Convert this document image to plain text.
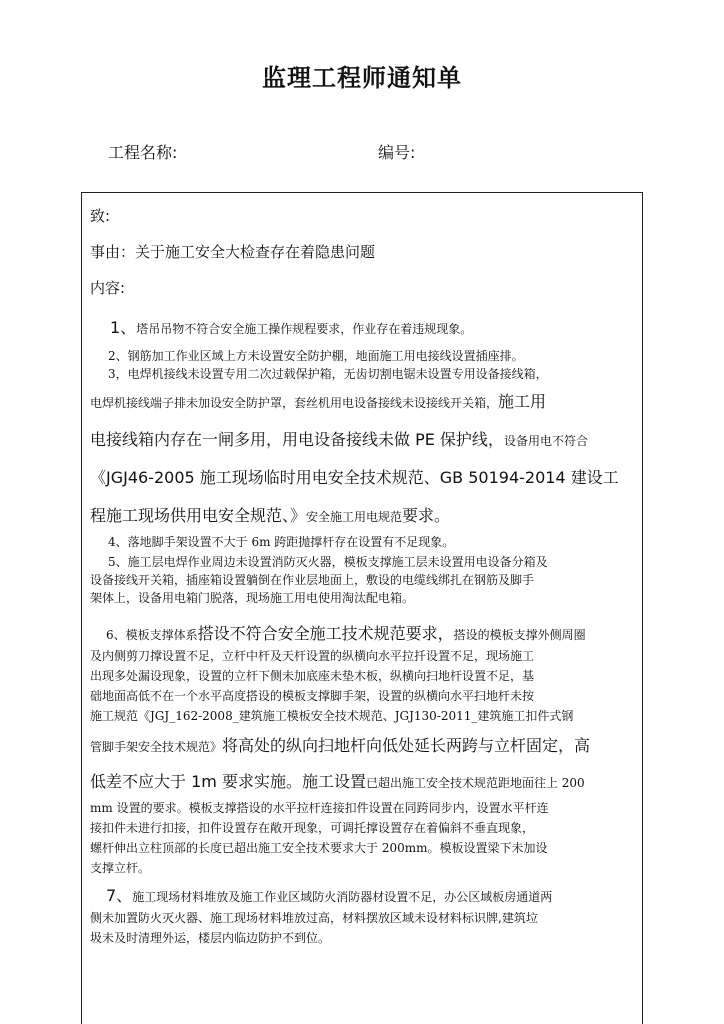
监理工程师通知单
工程名称:	编号:
致:
事由：关于施工安全大检查存在着隐患问题
内容:
1、塔吊吊物不符合安全施工操作规程要求，作业存在着违规现象。
2、钢筋加工作业区域上方未设置安全防护棚，地面施工用电接线设置插座排。
3，电焊机接线未设置专用二次过载保护箱，无齿切割电锯未设置专用设备接线箱，
电焊机接线端子排未加设安全防护罩，套丝机用电设备接线未设接线开关箱，施工用
电接线箱内存在一闸多用，用电设备接线未做 PE 保护线，设备用电不符合
《JGJ46-2005 施工现场临时用电安全技术规范、GB 50194-2014 建设工
程施工现场供用电安全规范、》安全施工用电规范要求。
4、落地脚手架设置不大于 6m 跨距抛撑杆存在设置有不足现象。
5、施工层电焊作业周边未设置消防灭火器，模板支撑施工层未设置用电设备分箱及
设备接线开关箱，插座箱设置躺倒在作业层地面上，敷设的电缆线绑扎在钢筋及脚手
架体上，设备用电箱门脱落，现场施工用电使用淘汰配电箱。
6、模板支撑体系搭设不符合安全施工技术规范要求，搭设的模板支撑外侧周圈
及内侧剪刀撑设置不足，立杆中杆及天杆设置的纵横向水平拉扦设置不足，现场施工
出现多处漏设现象，设置的立杆下侧未加底座未垫木板，纵横向扫地杆设置不足，基
础地面高低不在一个水平高度搭设的模板支撑脚手架，设置的纵横向水平扫地杆未按
施工规范《JGJ_162-2008_建筑施工模板安全技术规范、JGJ130-2011_建筑施工扣件式钢
管脚手架安全技术规范》将高处的纵向扫地杆向低处延长两跨与立杆固定，高
低差不应大于 1m 要求实施。施工设置已超出施工安全技术规范距地面往上 200
mm 设置的要求。模板支撑搭设的水平拉杆连接扣件设置在同跨同步内，设置水平杆连
接扣件未进行扣接，扣件设置存在敞开现象，可调托撑设置存在着偏斜不垂直现象，
螺杆伸出立柱顶部的长度已超出施工安全技术要求大于 200mm。模板设置梁下未加设
支撑立杆。
7、施工现场材料堆放及施工作业区域防火消防器材设置不足，办公区域板房通道两
侧未加置防火灭火器、施工现场材料堆放过高，材料摆放区域未设材料标识牌,建筑垃
圾未及时清理外运，楼层内临边防护不到位。
